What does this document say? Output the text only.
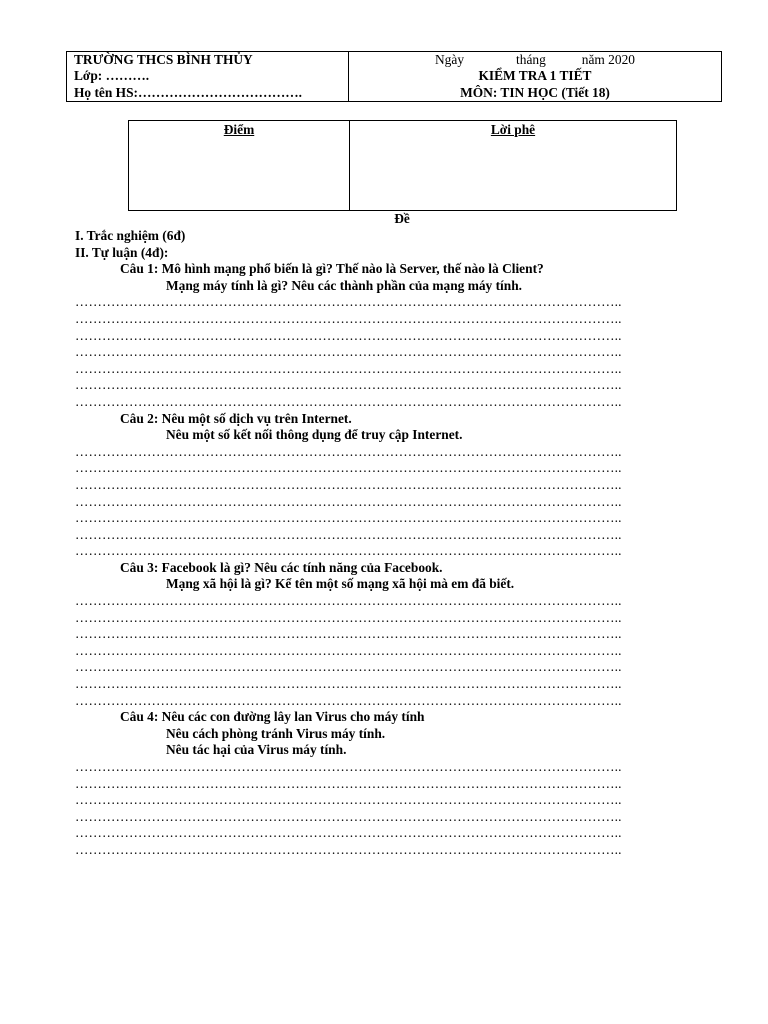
TRƯỜNG THCS BÌNH THỦY
Lớp: ……….
Họ tên HS:……………………………….
Ngày	tháng	năm 2020
KIỂM TRA 1 TIẾT
MÔN: TIN HỌC (Tiết 18)
Điểm	Lời phê
Đề
I. Trắc nghiệm (6đ)
II. Tự luận (4đ):
Câu 1: Mô hình mạng phổ biến là gì? Thế nào là Server, thế nào là Client?
Mạng máy tính là gì? Nêu các thành phần của mạng máy tính.
…………………………………………………………………………………………………………..
…………………………………………………………………………………………………………..
…………………………………………………………………………………………………………..
…………………………………………………………………………………………………………..
…………………………………………………………………………………………………………..
…………………………………………………………………………………………………………..
…………………………………………………………………………………………………………..
Câu 2: Nêu một số dịch vụ trên Internet.
Nêu một số kết nối thông dụng để truy cập Internet.
…………………………………………………………………………………………………………..
…………………………………………………………………………………………………………..
…………………………………………………………………………………………………………..
…………………………………………………………………………………………………………..
…………………………………………………………………………………………………………..
…………………………………………………………………………………………………………..
…………………………………………………………………………………………………………..
Câu 3: Facebook là gì? Nêu các tính năng của Facebook.
Mạng xã hội là gì? Kể tên một số mạng xã hội mà em đã biết.
…………………………………………………………………………………………………………..
…………………………………………………………………………………………………………..
…………………………………………………………………………………………………………..
…………………………………………………………………………………………………………..
…………………………………………………………………………………………………………..
…………………………………………………………………………………………………………..
…………………………………………………………………………………………………………..
Câu 4: Nêu các con đường lây lan Virus cho máy tính
Nêu cách phòng tránh Virus máy tính.
Nêu tác hại của Virus máy tính.
…………………………………………………………………………………………………………..
…………………………………………………………………………………………………………..
…………………………………………………………………………………………………………..
…………………………………………………………………………………………………………..
…………………………………………………………………………………………………………..
…………………………………………………………………………………………………………..
